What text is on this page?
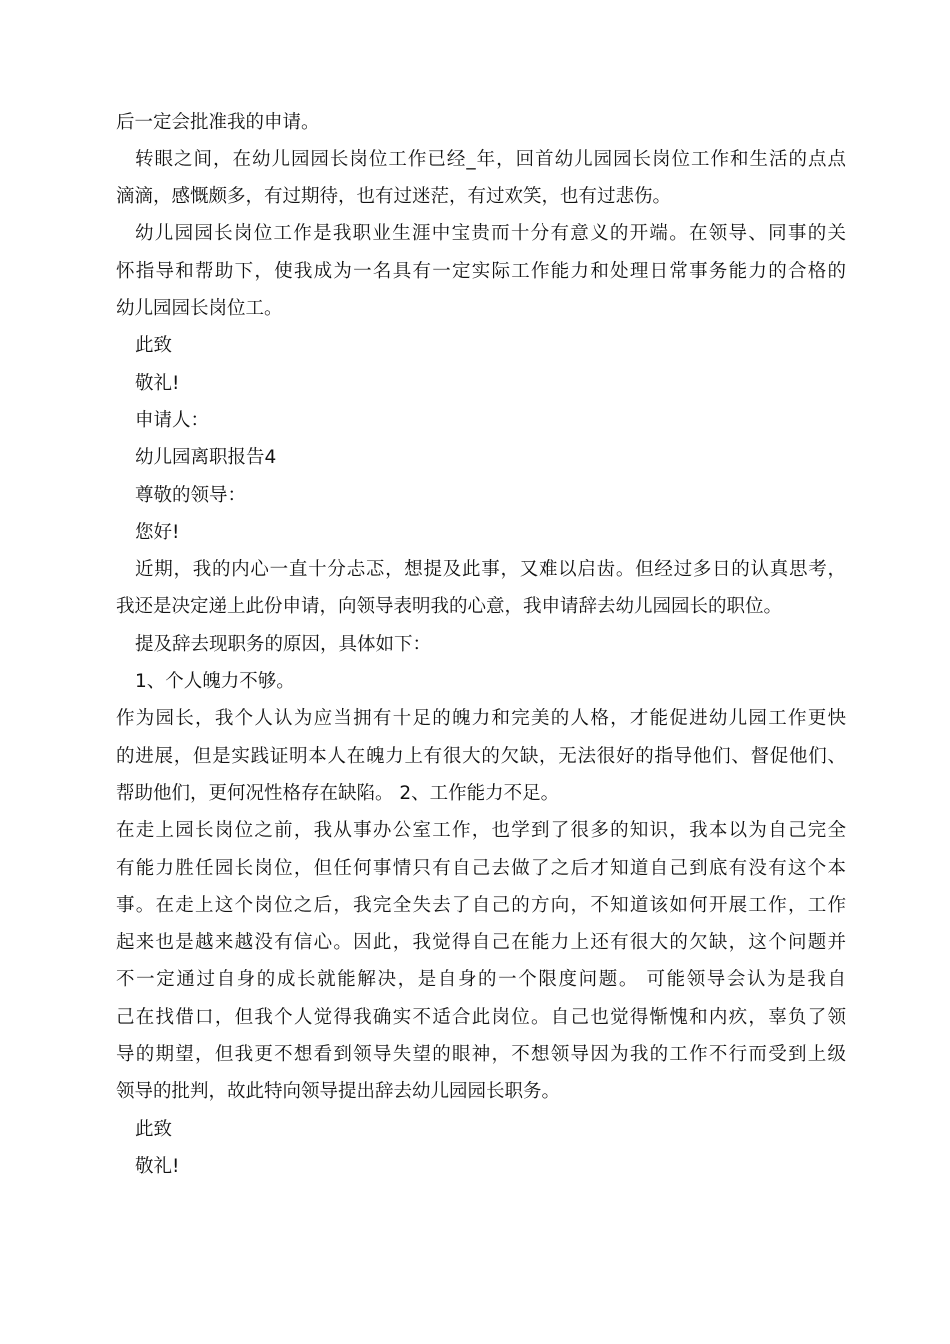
后一定会批准我的申请。
转眼之间，在幼儿园园长岗位工作已经_年，回首幼儿园园长岗位工作和生活的点点
滴滴，感慨颇多，有过期待，也有过迷茫，有过欢笑，也有过悲伤。
幼儿园园长岗位工作是我职业生涯中宝贵而十分有意义的开端。在领导、同事的关
怀指导和帮助下，使我成为一名具有一定实际工作能力和处理日常事务能力的合格的
幼儿园园长岗位工。
此致
敬礼!
申请人：
幼儿园离职报告4
尊敬的领导：
您好!
近期，我的内心一直十分忐忑，想提及此事，又难以启齿。但经过多日的认真思考，
我还是决定递上此份申请，向领导表明我的心意，我申请辞去幼儿园园长的职位。
提及辞去现职务的原因，具体如下：
1、个人魄力不够。
作为园长，我个人认为应当拥有十足的魄力和完美的人格，才能促进幼儿园工作更快
的进展，但是实践证明本人在魄力上有很大的欠缺，无法很好的指导他们、督促他们、
帮助他们，更何况性格存在缺陷。 2、工作能力不足。
在走上园长岗位之前，我从事办公室工作，也学到了很多的知识，我本以为自己完全
有能力胜任园长岗位，但任何事情只有自己去做了之后才知道自己到底有没有这个本
事。在走上这个岗位之后，我完全失去了自己的方向，不知道该如何开展工作，工作
起来也是越来越没有信心。因此，我觉得自己在能力上还有很大的欠缺，这个问题并
不一定通过自身的成长就能解决，是自身的一个限度问题。 可能领导会认为是我自
己在找借口，但我个人觉得我确实不适合此岗位。自己也觉得惭愧和内疚，辜负了领
导的期望，但我更不想看到领导失望的眼神，不想领导因为我的工作不行而受到上级
领导的批判，故此特向领导提出辞去幼儿园园长职务。
此致
敬礼!
